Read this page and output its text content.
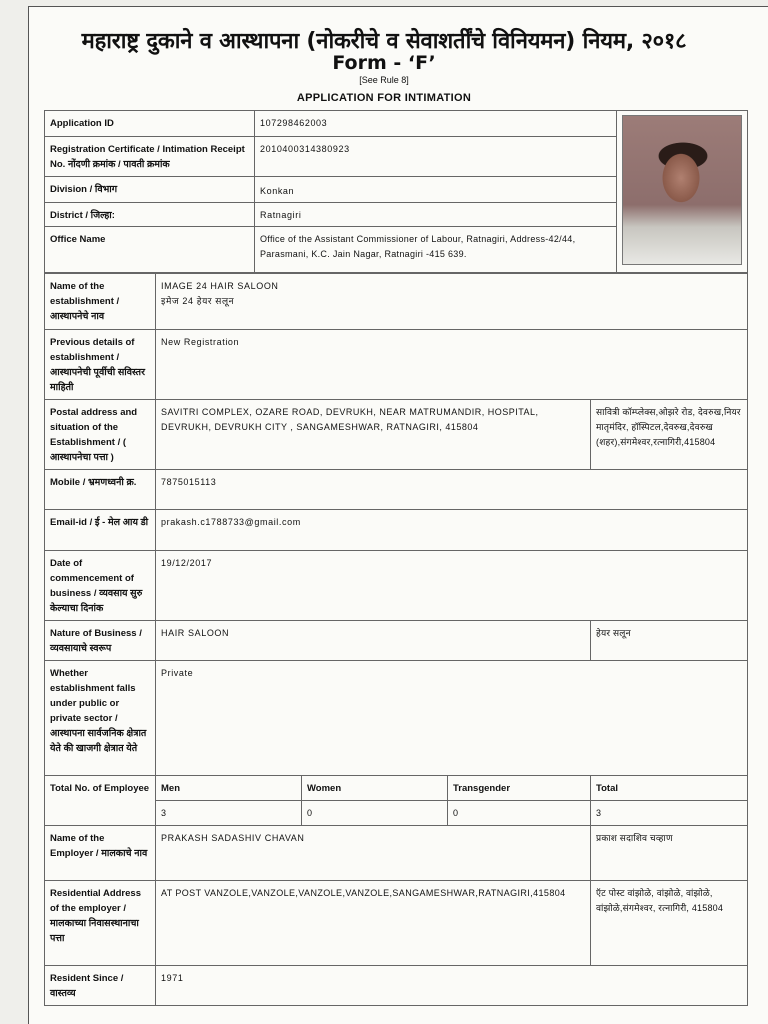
महाराष्ट्र दुकाने व आस्थापना (नोकरीचे व सेवाशर्तींचे विनियमन) नियम, २०१८
Form - ‘F’
[See Rule 8]
APPLICATION FOR INTIMATION
Application ID	107298462003	

Registration Certificate / Intimation Receipt No. नोंदणी क्रमांक / पावती क्रमांक	2010400314380923	
Division / विभाग	Konkan	
District / जिल्हा:	Ratnagiri	
Office Name	Office of the Assistant Commissioner of Labour, Ratnagiri, Address-42/44, Parasmani, K.C. Jain Nagar, Ratnagiri -415 639.	
Name of the establishment / आस्थापनेचे नाव	IMAGE 24 HAIR SALOON
इमेज 24 हेयर सलून			

Previous details of establishment / आस्थापनेची पूर्वीची सविस्तर माहिती	New Registration			
Postal address and situation of the Establishment / ( आस्थापनेचा पत्ता )	SAVITRI COMPLEX, OZARE ROAD, DEVRUKH, NEAR MATRUMANDIR, HOSPITAL, DEVRUKH, DEVRUKH CITY , SANGAMESHWAR, RATNAGIRI, 415804			सावित्री कॉम्प्लेक्स,ओझरे रोड, देवरुख,नियर मातृमंदिर, हॉस्पिटल,देवरुख,देवरुख (शहर),संगमेश्वर,रत्नागिरी,415804
Mobile / भ्रमणध्वनी क्र.	7875015113			
Email-id / ई - मेल आय डी	prakash.c1788733@gmail.com			
Date of commencement of business / व्यवसाय सुरु केल्याचा दिनांक	19/12/2017			
Nature of Business / व्यवसायाचे स्वरूप	HAIR SALOON			हेयर सलून
Whether establishment falls under public or private sector / आस्थापना सार्वजनिक क्षेत्रात येते की खाजगी क्षेत्रात येते	Private			
Total No. of Employee	Men	Women	Transgender	Total
	3	0	0	3
Name of the Employer / मालकाचे नाव	PRAKASH SADASHIV CHAVAN			प्रकाश सदाशिव चव्हाण
Residential Address of the employer / मालकाच्या निवासस्थानाचा पत्ता	AT POST VANZOLE,VANZOLE,VANZOLE,VANZOLE,SANGAMESHWAR,RATNAGIRI,415804			ऍट पोस्ट वांझोळे, वांझोळे, वांझोळे, वांझोळे,संगमेश्वर, रत्नागिरी, 415804
Resident Since / वास्तव्य	1971			
